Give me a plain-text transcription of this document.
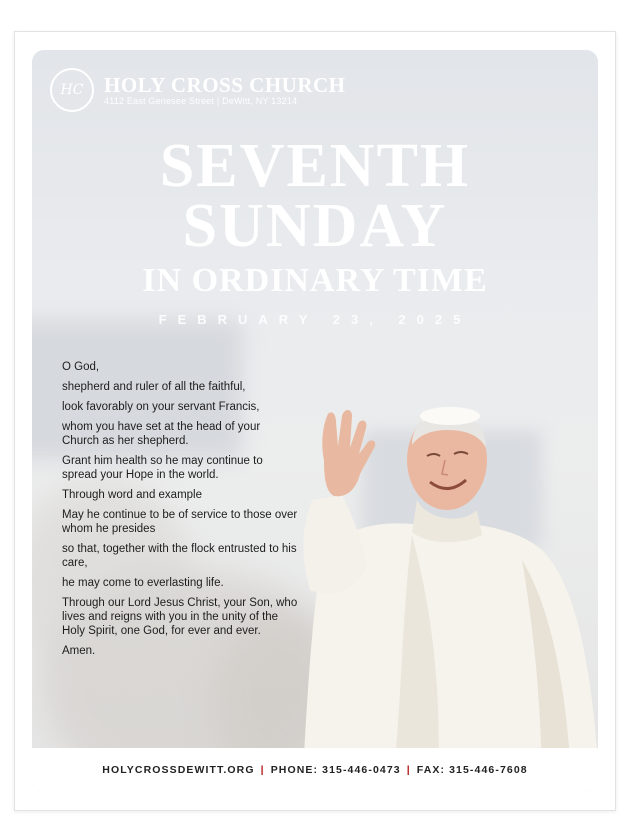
HC HOLY CROSS CHURCH
4112 East Genesee Street | DeWitt, NY 13214
SEVENTH
SUNDAY
IN ORDINARY TIME
FEBRUARY 23, 2025

O God,

shepherd and ruler of all the faithful,

look favorably on your servant Francis,

whom you have set at the head of your Church as her shepherd.

Grant him health so he may continue to spread your Hope in the world.

Through word and example

May he continue to be of service to those over whom he presides

so that, together with the flock entrusted to his care,

he may come to everlasting life.

Through our Lord Jesus Christ, your Son, who lives and reigns with you in the unity of the Holy Spirit, one God, for ever and ever.

Amen.

HOLYCROSSDEWITT.ORG | PHONE: 315-446-0473 | FAX: 315-446-7608
